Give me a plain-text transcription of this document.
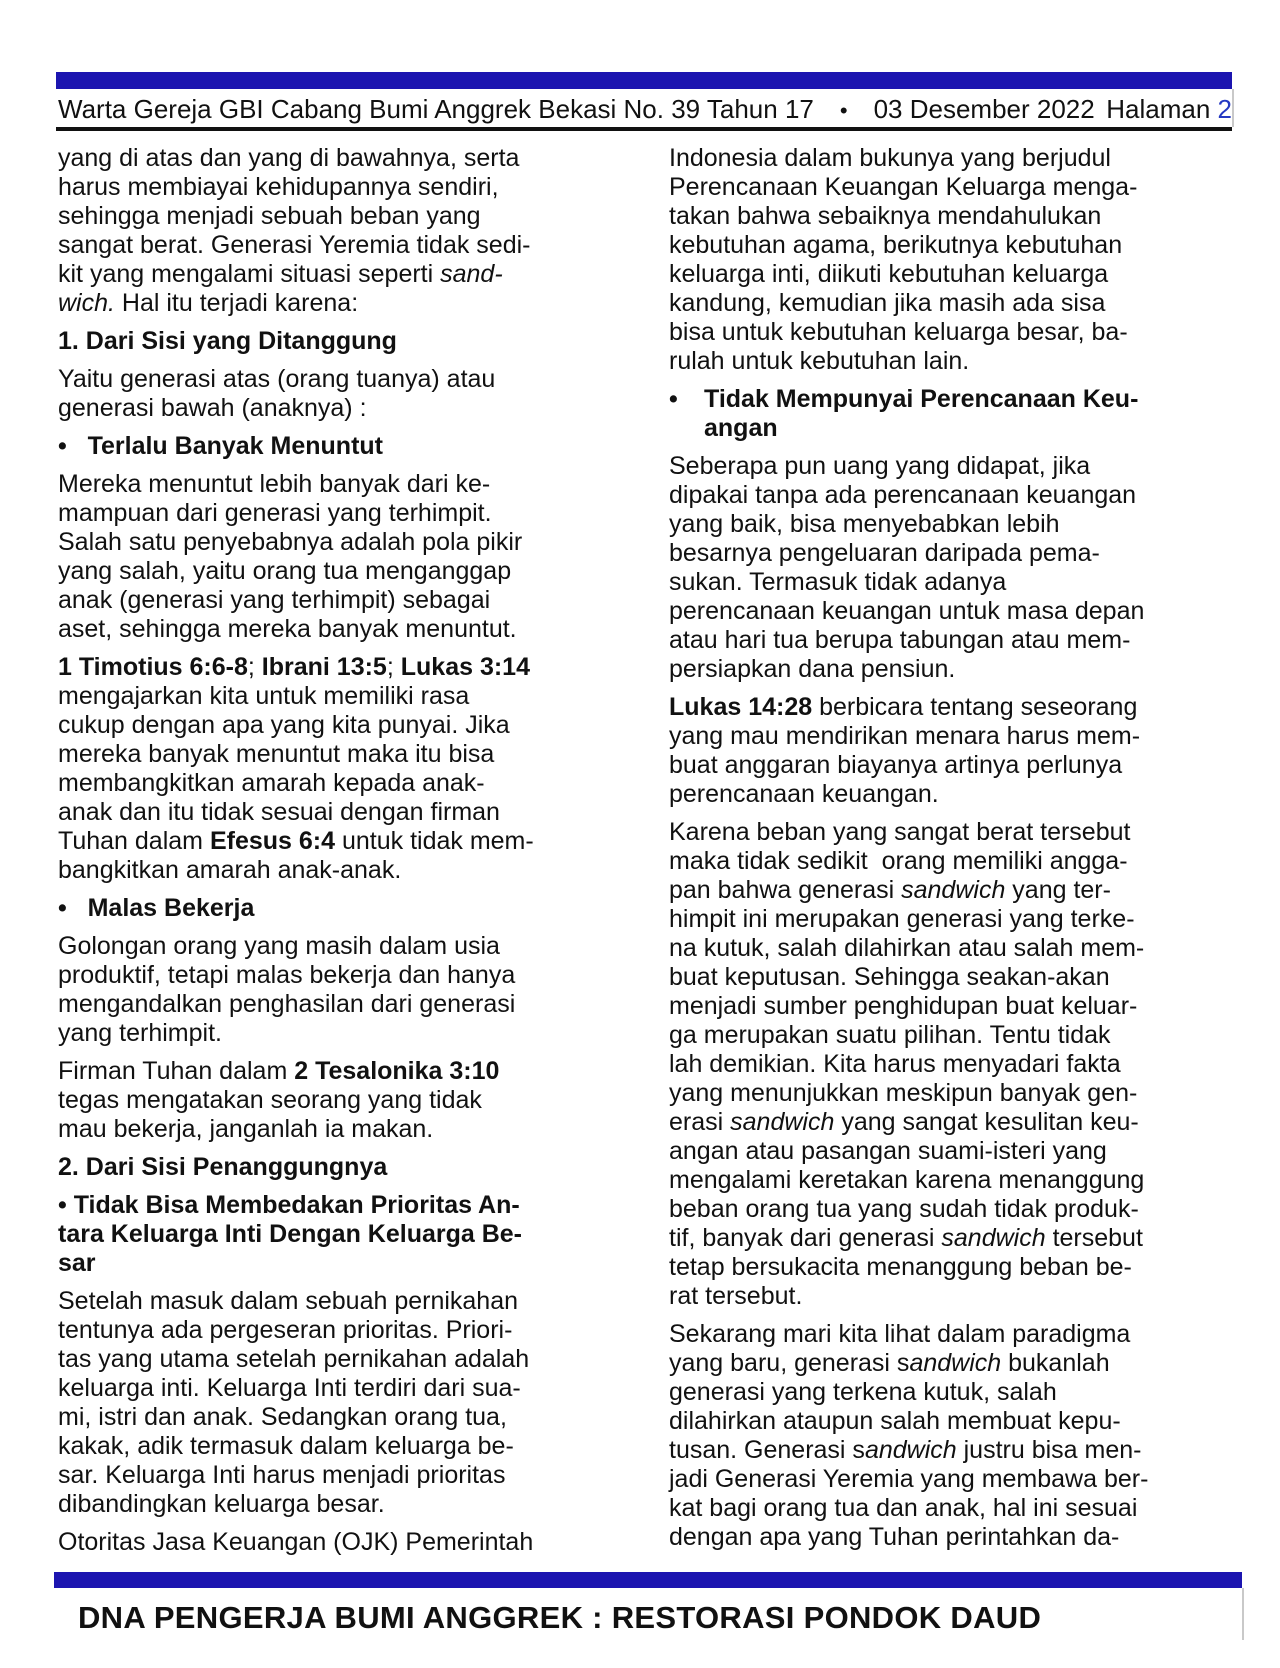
Warta Gereja GBI Cabang Bumi Anggrek Bekasi No. 39 Tahun 17 • 03 Desember 2022 Halaman 2

yang di atas dan yang di bawahnya, serta
harus membiayai kehidupannya sendiri,
sehingga menjadi sebuah beban yang
sangat berat. Generasi Yeremia tidak sedi-
kit yang mengalami situasi seperti sand-
wich. Hal itu terjadi karena:

1. Dari Sisi yang Ditanggung

Yaitu generasi atas (orang tuanya) atau
generasi bawah (anaknya) :

•   Terlalu Banyak Menuntut

Mereka menuntut lebih banyak dari ke-
mampuan dari generasi yang terhimpit.
Salah satu penyebabnya adalah pola pikir
yang salah, yaitu orang tua menganggap
anak (generasi yang terhimpit) sebagai
aset, sehingga mereka banyak menuntut.

1 Timotius 6:6-8; Ibrani 13:5; Lukas 3:14
mengajarkan kita untuk memiliki rasa
cukup dengan apa yang kita punyai. Jika
mereka banyak menuntut maka itu bisa
membangkitkan amarah kepada anak-
anak dan itu tidak sesuai dengan firman
Tuhan dalam Efesus 6:4 untuk tidak mem-
bangkitkan amarah anak-anak.

•   Malas Bekerja

Golongan orang yang masih dalam usia
produktif, tetapi malas bekerja dan hanya
mengandalkan penghasilan dari generasi
yang terhimpit.

Firman Tuhan dalam 2 Tesalonika 3:10
tegas mengatakan seorang yang tidak
mau bekerja, janganlah ia makan.

2. Dari Sisi Penanggungnya

• Tidak Bisa Membedakan Prioritas An-
tara Keluarga Inti Dengan Keluarga Be-
sar

Setelah masuk dalam sebuah pernikahan
tentunya ada pergeseran prioritas. Priori-
tas yang utama setelah pernikahan adalah
keluarga inti. Keluarga Inti terdiri dari sua-
mi, istri dan anak. Sedangkan orang tua,
kakak, adik termasuk dalam keluarga be-
sar. Keluarga Inti harus menjadi prioritas
dibandingkan keluarga besar.

Otoritas Jasa Keuangan (OJK) Pemerintah

Indonesia dalam bukunya yang berjudul
Perencanaan Keuangan Keluarga menga-
takan bahwa sebaiknya mendahulukan
kebutuhan agama, berikutnya kebutuhan
keluarga inti, diikuti kebutuhan keluarga
kandung, kemudian jika masih ada sisa
bisa untuk kebutuhan keluarga besar, ba-
rulah untuk kebutuhan lain.

•	Tidak Mempunyai Perencanaan Keu-
angan

Seberapa pun uang yang didapat, jika
dipakai tanpa ada perencanaan keuangan
yang baik, bisa menyebabkan lebih
besarnya pengeluaran daripada pema-
sukan. Termasuk tidak adanya
perencanaan keuangan untuk masa depan
atau hari tua berupa tabungan atau mem-
persiapkan dana pensiun.

Lukas 14:28 berbicara tentang seseorang
yang mau mendirikan menara harus mem-
buat anggaran biayanya artinya perlunya
perencanaan keuangan.

Karena beban yang sangat berat tersebut
maka tidak sedikit  orang memiliki angga-
pan bahwa generasi sandwich yang ter-
himpit ini merupakan generasi yang terke-
na kutuk, salah dilahirkan atau salah mem-
buat keputusan. Sehingga seakan-akan
menjadi sumber penghidupan buat keluar-
ga merupakan suatu pilihan. Tentu tidak
lah demikian. Kita harus menyadari fakta
yang menunjukkan meskipun banyak gen-
erasi sandwich yang sangat kesulitan keu-
angan atau pasangan suami-isteri yang
mengalami keretakan karena menanggung
beban orang tua yang sudah tidak produk-
tif, banyak dari generasi sandwich tersebut
tetap bersukacita menanggung beban be-
rat tersebut.

Sekarang mari kita lihat dalam paradigma
yang baru, generasi sandwich bukanlah
generasi yang terkena kutuk, salah
dilahirkan ataupun salah membuat kepu-
tusan. Generasi sandwich justru bisa men-
jadi Generasi Yeremia yang membawa ber-
kat bagi orang tua dan anak, hal ini sesuai
dengan apa yang Tuhan perintahkan da-

DNA PENGERJA BUMI ANGGREK : RESTORASI PONDOK DAUD
